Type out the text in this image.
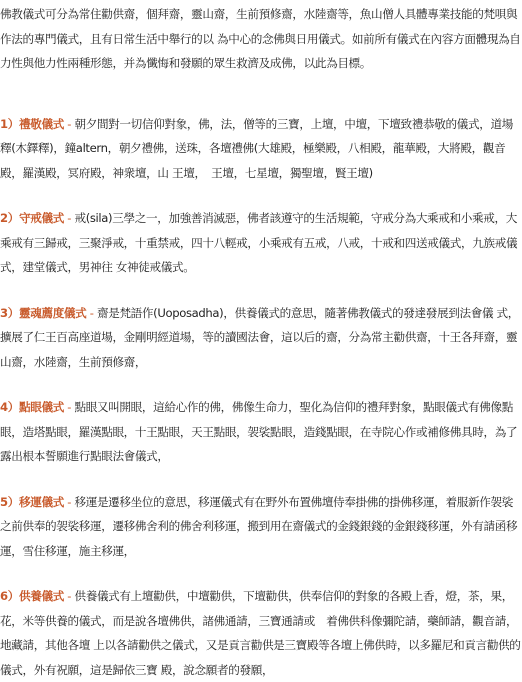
佛教儀式可分為常住勸供齋，個拜齋，靈山齋，生前預修齋，水陸齋等，魚山僧人具體專業技能的梵唄與作法的專門儀式，且有日常生活中舉行的以 為中心的念佛與日用儀式。如前所有儀式在內容方面體現為自力性與他力性兩種形態，并為懺悔和發願的眾生救濟及成佛，以此為目標。

1）禮敬儀式 - 朝夕間對一切信仰對象，佛，法，僧等的三寶，上壇，中壇，下壇致禮恭敬的儀式，道場釋(木鐸釋)，鐘altern，朝夕禮佛，送珠，各壇禮佛(大雄殿，極樂殿，八相殿，龍華殿，大將殿，觀音殿，羅漢殿，冥府殿，神衆壇，山 王壇，　王壇，七星壇，獨聖壇，賢王壇)

2）守戒儀式 - 戒(sila)三學之一，加強善消滅惡，佛者該遵守的生活規範，守戒分為大乘戒和小乘戒，大乘戒有三歸戒，三聚淨戒，十重禁戒，四十八輕戒，小乘戒有五戒，八戒，十戒和四送戒儀式，九族戒儀式，建堂儀式，男神往 女神徒戒儀式。

3）靈魂薦度儀式 - 齋是梵語作(Uoposadha)，供養儀式的意思，隨著佛教儀式的發達發展到法會儀 式，擴展了仁王百高座道場，金剛明經道場，等的讀國法會，這以后的齋，分為常主勸供齋，十王各拜齋，靈山齋，水陸齋，生前預修齋，

4）點眼儀式 - 點眼又叫開眼，這給心作的佛，佛像生命力，聖化為信仰的禮拜對象，點眼儀式有佛像點眼，造塔點眼，羅漢點眼，十王點眼，天王點眼，袈裟點眼，造錢點眼，在寺院心作或補修佛具時，為了露出根本誓願進行點眼法會儀式，

5）移運儀式 - 移運是遷移坐位的意思，移運儀式有在野外布置佛壇侍奉掛佛的掛佛移運，着服新作袈裟之前供奉的袈裟移運，遷移佛舍利的佛舍利移運，搬到用在齋儀式的金錢銀錢的金銀錢移運，外有請函移運，雪住移運，施主移運，

6）供養儀式 - 供養儀式有上壇勸供，中壇勸供，下壇勸供，供奉信仰的對象的各殿上香，燈，茶，果，花，米等供養的儀式，而是說各壇佛供，諸佛通請，三寶通請或　着佛供科像彌陀請，藥師請，觀音請，地藏請，其他各壇 上以各請勸供之儀式，又是貢言勸供是三寶殿等各壇上佛供時，以多羅尼和貢言勸供的儀式，外有祝願，這是歸依三寶 殿，說念願者的發願，
